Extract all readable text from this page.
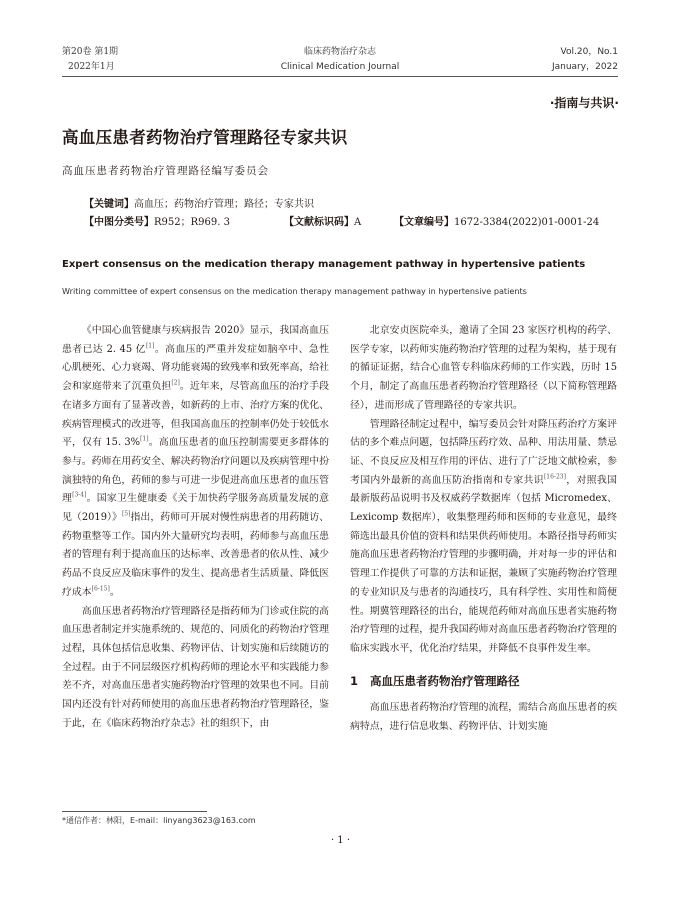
第20卷 第1期
2022年1月
临床药物治疗杂志
Clinical Medication Journal
Vol.20，No.1
January，2022
·指南与共识·
高血压患者药物治疗管理路径专家共识
高血压患者药物治疗管理路径编写委员会
【关键词】高血压；药物治疗管理；路径；专家共识
【中图分类号】R952；R969. 3	【文献标识码】A	【文章编号】1672-3384(2022)01-0001-24
Expert consensus on the medication therapy management pathway in hypertensive patients
Writing committee of expert consensus on the medication therapy management pathway in hypertensive patients

《中国心血管健康与疾病报告 2020》显示，我国高血压患者已达 2. 45 亿[1]。高血压的严重并发症如脑卒中、急性心肌梗死、心力衰竭、肾功能衰竭的致残率和致死率高，给社会和家庭带来了沉重负担[2]。近年来，尽管高血压的治疗手段在诸多方面有了显著改善，如新药的上市、治疗方案的优化、疾病管理模式的改进等，但我国高血压的控制率仍处于较低水平，仅有 15. 3%[1]。高血压患者的血压控制需要更多群体的参与。药师在用药安全、解决药物治疗问题以及疾病管理中扮演独特的角色，药师的参与可进一步促进高血压患者的血压管理[3-4]。国家卫生健康委《关于加快药学服务高质量发展的意见（2019）》[5]指出，药师可开展对慢性病患者的用药随访、药物重整等工作。国内外大量研究均表明，药师参与高血压患者的管理有利于提高血压的达标率、改善患者的依从性、减少药品不良反应及临床事件的发生、提高患者生活质量、降低医疗成本[6-15]。

高血压患者药物治疗管理路径是指药师为门诊或住院的高血压患者制定并实施系统的、规范的、同质化的药物治疗管理过程，具体包括信息收集、药物评估、计划实施和后续随访的全过程。由于不同层级医疗机构药师的理论水平和实践能力参差不齐，对高血压患者实施药物治疗管理的效果也不同。目前国内还没有针对药师使用的高血压患者药物治疗管理路径，鉴于此，在《临床药物治疗杂志》社的组织下，由

北京安贞医院牵头，邀请了全国 23 家医疗机构的药学、医学专家，以药师实施药物治疗管理的过程为架构，基于现有的循证证据，结合心血管专科临床药师的工作实践，历时 15 个月，制定了高血压患者药物治疗管理路径（以下简称管理路径），进而形成了管理路径的专家共识。

管理路径制定过程中，编写委员会针对降压药治疗方案评估的多个难点问题，包括降压药疗效、品种、用法用量、禁忌证、不良反应及相互作用的评估、进行了广泛地文献检索，参考国内外最新的高血压防治指南和专家共识[16-23]，对照我国最新版药品说明书及权威药学数据库（包括 Micromedex、Lexicomp 数据库），收集整理药师和医师的专业意见，最终筛选出最具价值的资料和结果供药师使用。本路径指导药师实施高血压患者药物治疗管理的步骤明确，并对每一步的评估和管理工作提供了可靠的方法和证据，兼顾了实施药物治疗管理的专业知识及与患者的沟通技巧，具有科学性、实用性和简便性。期冀管理路径的出台，能规范药师对高血压患者实施药物治疗管理的过程，提升我国药师对高血压患者药物治疗管理的临床实践水平，优化治疗结果，并降低不良事件发生率。

1 高血压患者药物治疗管理路径

高血压患者药物治疗管理的流程，需结合高血压患者的疾病特点，进行信息收集、药物评估、计划实施

*通信作者：林阳，E-mail：linyang3623@163.com
· 1 ·
